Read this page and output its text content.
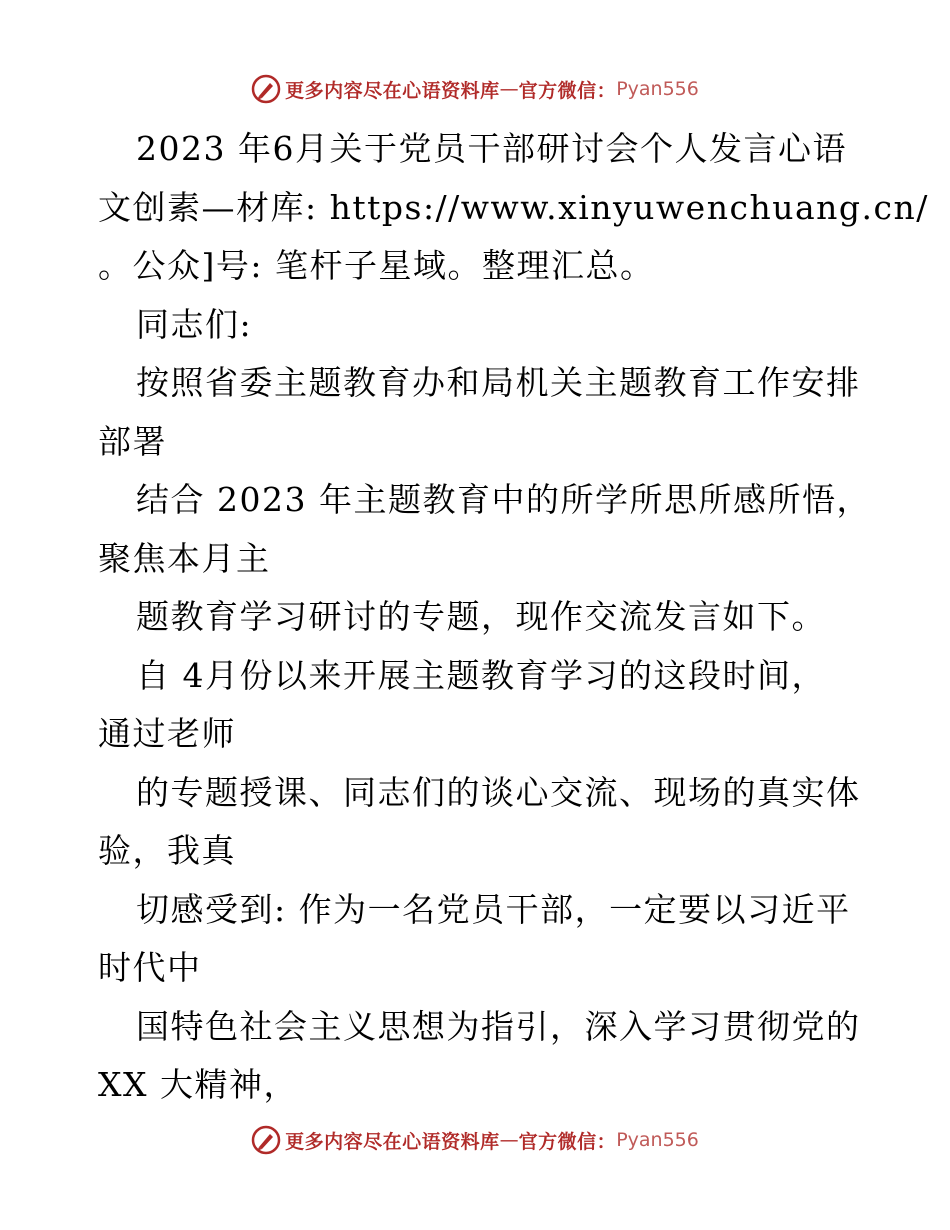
更多内容尽在心语资料库 — 官方微信： Pyan556
2023 年6月关于党员干部研讨会个人发言心语
文创素—材库: https://www.xinyuwenchuang.cn/
。公众]号: 笔杆子星域。整理汇总。
同志们:
按照省委主题教育办和局机关主题教育工作安排
部署
结合 2023 年主题教育中的所学所思所感所悟，
聚焦本月主
题教育学习研讨的专题，现作交流发言如下。
自 4月份以来开展主题教育学习的这段时间，
通过老师
的专题授课、同志们的谈心交流、现场的真实体
验，我真
切感受到: 作为一名党员干部，一定要以习近平
时代中
国特色社会主义思想为指引，深入学习贯彻党的
XX 大精神，
更多内容尽在心语资料库 — 官方微信： Pyan556
